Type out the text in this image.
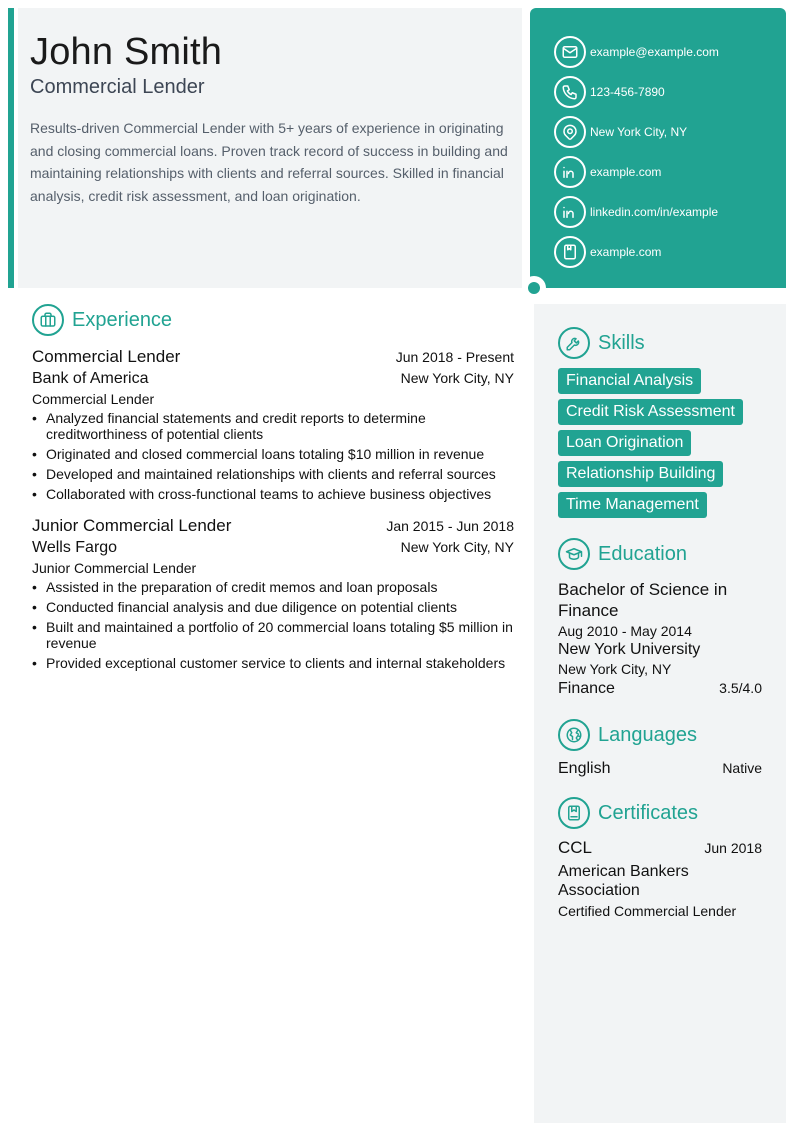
John Smith
Commercial Lender
Results-driven Commercial Lender with 5+ years of experience in originating and closing commercial loans. Proven track record of success in building and maintaining relationships with clients and referral sources. Skilled in financial analysis, credit risk assessment, and loan origination.
example@example.com
123-456-7890
New York City, NY
example.com
linkedin.com/in/example
example.com
Experience
Commercial Lender	Jun 2018 - Present
Bank of America	New York City, NY
Commercial Lender
• Analyzed financial statements and credit reports to determine creditworthiness of potential clients
• Originated and closed commercial loans totaling $10 million in revenue
• Developed and maintained relationships with clients and referral sources
• Collaborated with cross-functional teams to achieve business objectives
Junior Commercial Lender	Jan 2015 - Jun 2018
Wells Fargo	New York City, NY
Junior Commercial Lender
• Assisted in the preparation of credit memos and loan proposals
• Conducted financial analysis and due diligence on potential clients
• Built and maintained a portfolio of 20 commercial loans totaling $5 million in revenue
• Provided exceptional customer service to clients and internal stakeholders
Skills
Financial Analysis
Credit Risk Assessment
Loan Origination
Relationship Building
Time Management
Education
Bachelor of Science in Finance
Aug 2010 - May 2014
New York University
New York City, NY
Finance	3.5/4.0
Languages
English	Native
Certificates
CCL	Jun 2018
American Bankers Association
Certified Commercial Lender
